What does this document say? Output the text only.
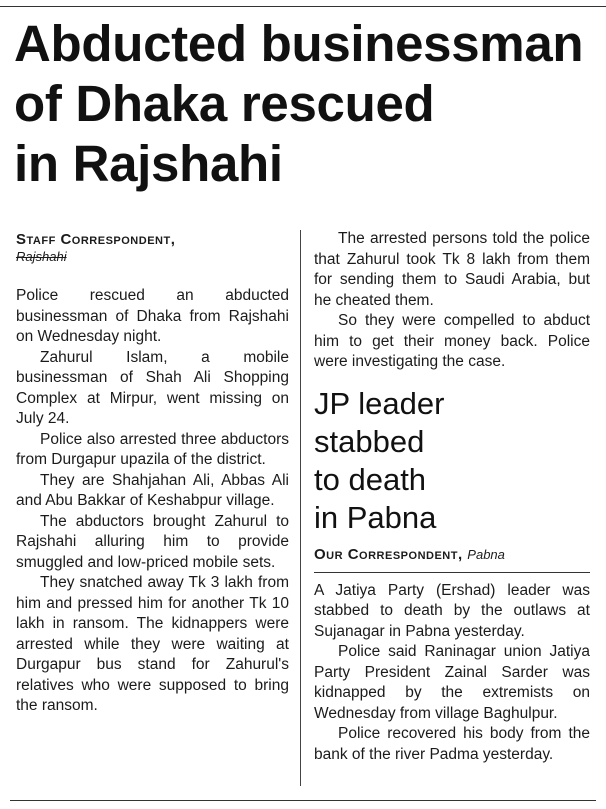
Abducted businessman
of Dhaka rescued
in Rajshahi

Staff Correspondent,

Rajshahi

Police rescued an abducted businessman of Dhaka from Rajshahi on Wednesday night.

Zahurul Islam, a mobile businessman of Shah Ali Shopping Complex at Mirpur, went missing on July 24.

Police also arrested three abductors from Durgapur upazila of the district.

They are Shahjahan Ali, Abbas Ali and Abu Bakkar of Keshabpur village.

The abductors brought Zahurul to Rajshahi alluring him to provide smuggled and low-priced mobile sets.

They snatched away Tk 3 lakh from him and pressed him for another Tk 10 lakh in ransom. The kidnappers were arrested while they were waiting at Durgapur bus stand for Zahurul's relatives who were supposed to bring the ransom.

The arrested persons told the police that Zahurul took Tk 8 lakh from them for sending them to Saudi Arabia, but he cheated them.

So they were compelled to abduct him to get their money back. Police were investigating the case.

JP leader
stabbed
to death
in Pabna

Our Correspondent, Pabna

A Jatiya Party (Ershad) leader was stabbed to death by the outlaws at Sujanagar in Pabna yesterday.

Police said Raninagar union Jatiya Party President Zainal Sarder was kidnapped by the extremists on Wednesday from village Baghulpur.

Police recovered his body from the bank of the river Padma yesterday.
